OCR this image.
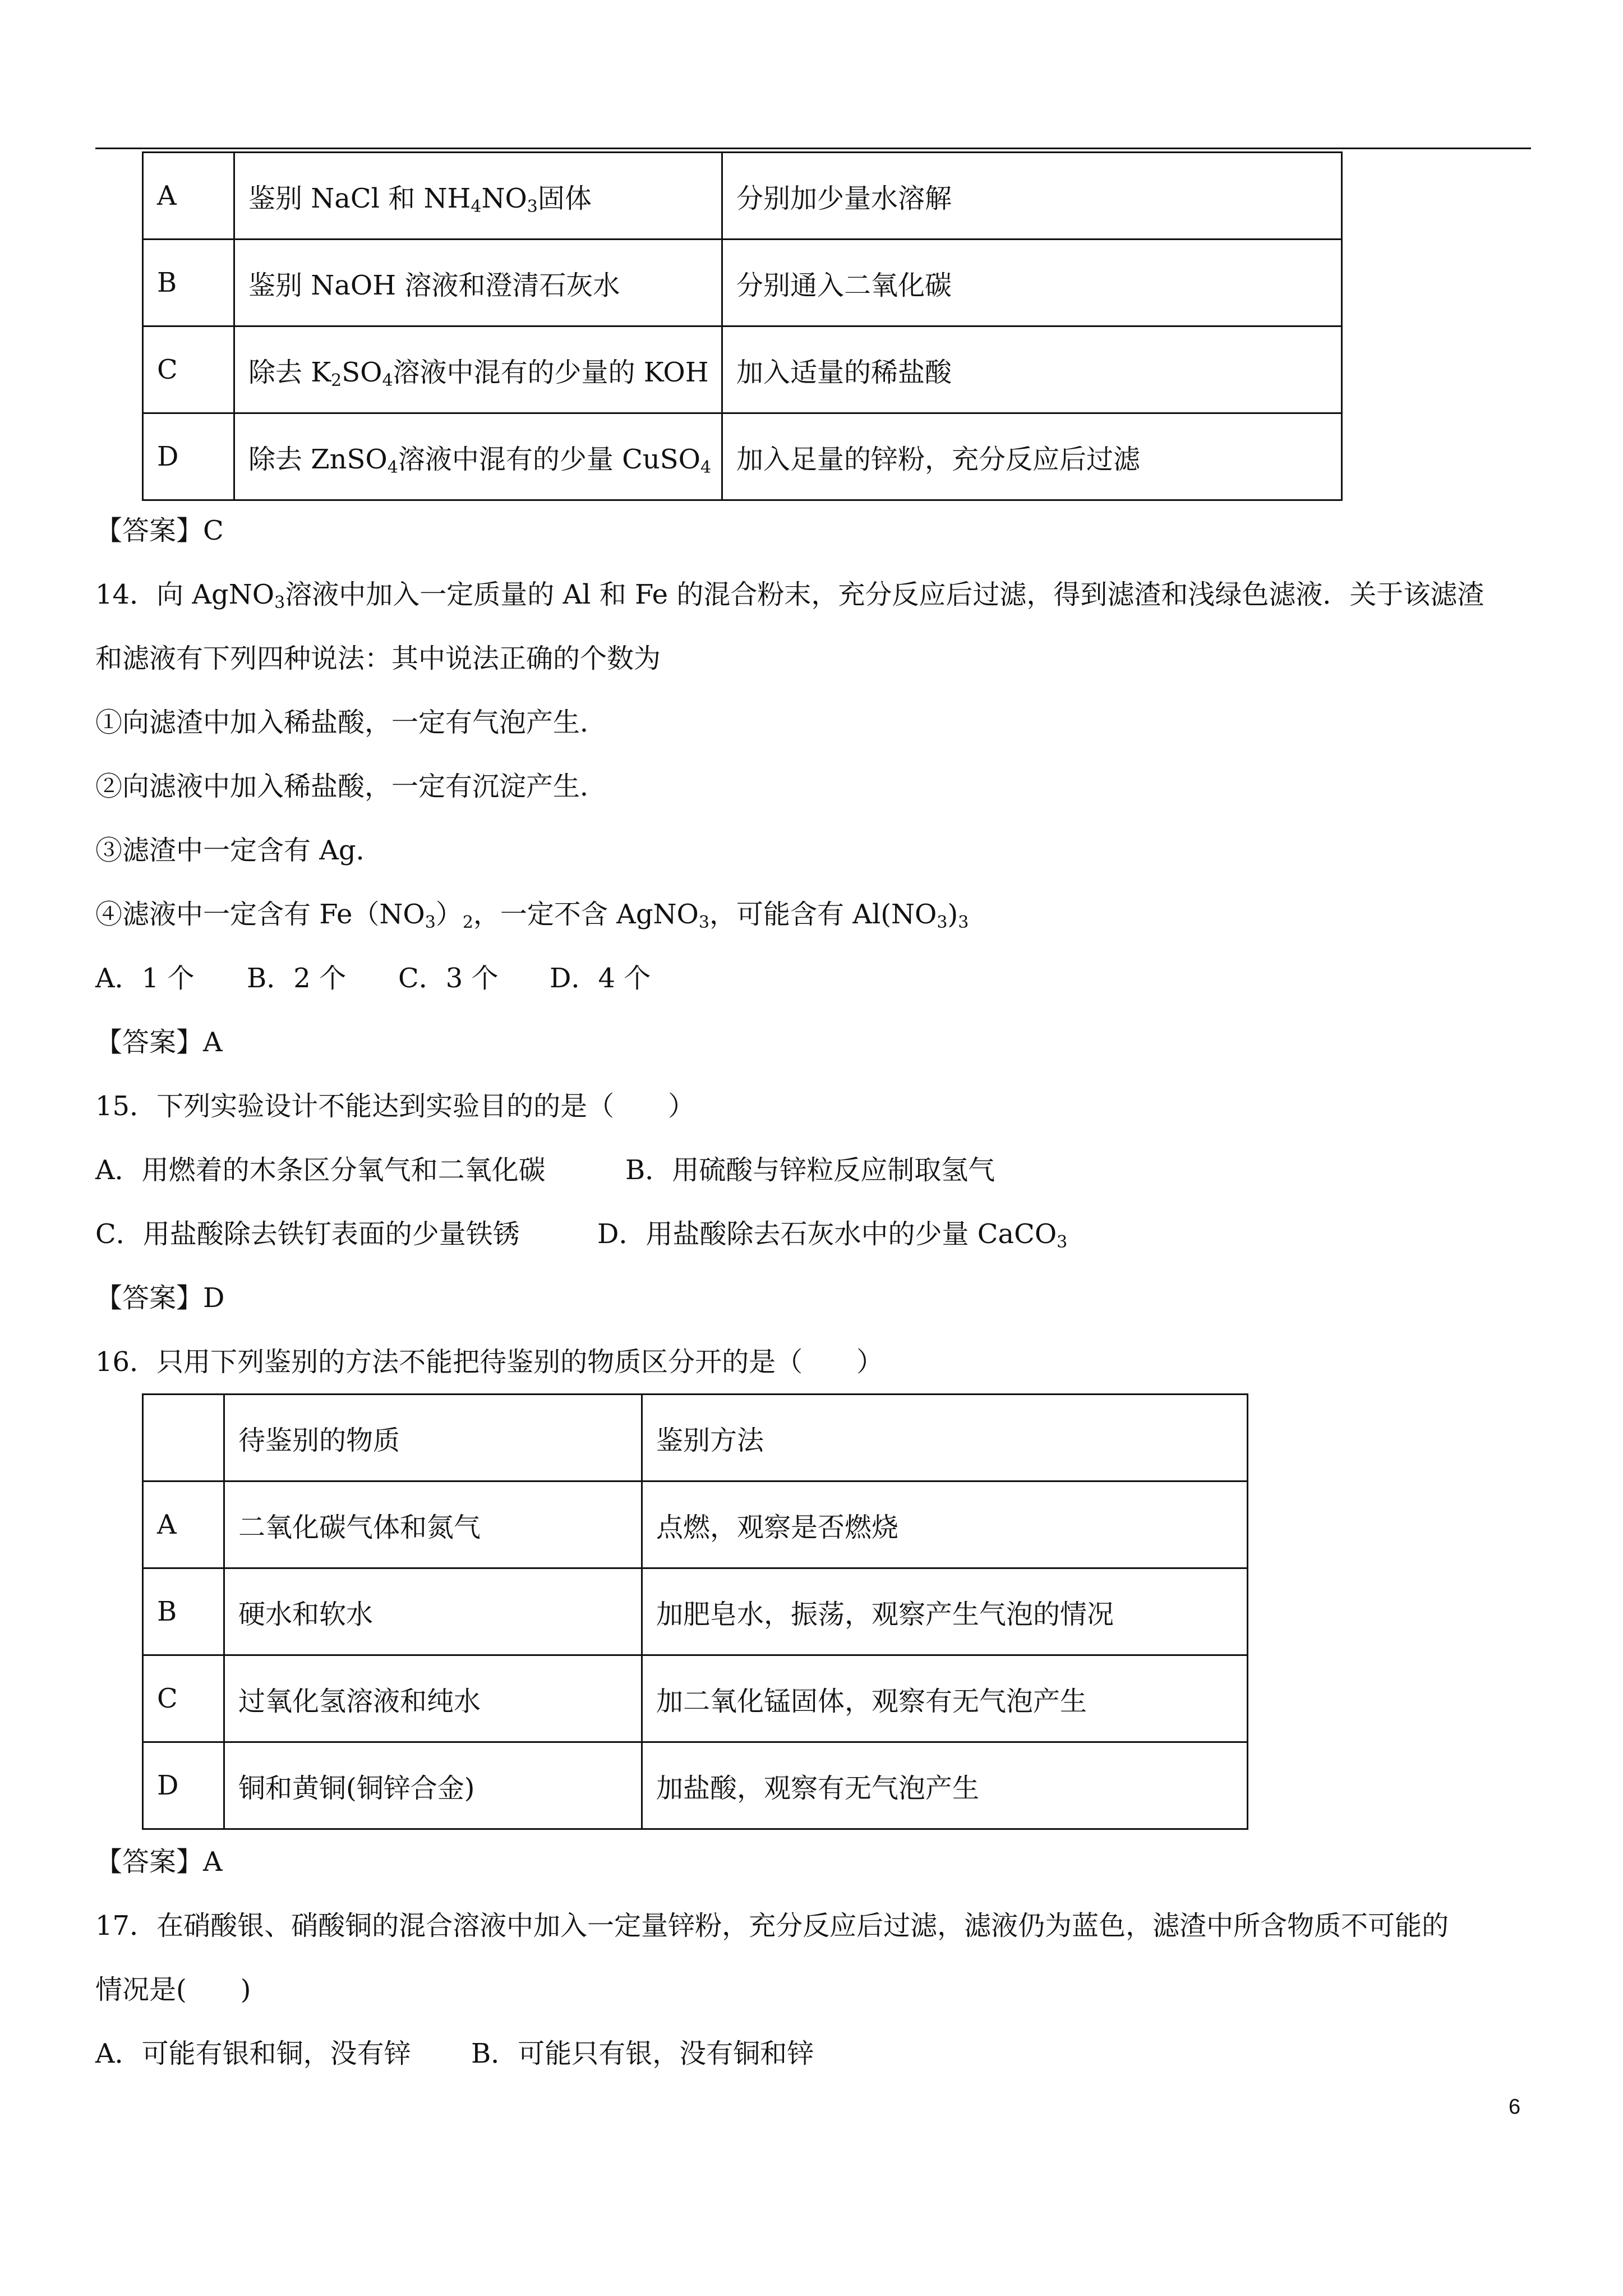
A	鉴别 NaCl 和 $NH_4NO_3$固体	分别加少量水溶解
B	鉴别 NaOH 溶液和澄清石灰水	分别通入二氧化碳
C	除去 $K_2SO_4$溶液中混有的少量的 KOH	加入适量的稀盐酸
D	除去 ZnSO$_4$溶液中混有的少量 CuSO$_4$	加入足量的锌粉，充分反应后过滤
【答案】C
14．向 AgNO$_3$溶液中加入一定质量的 Al 和 Fe 的混合粉末，充分反应后过滤，得到滤渣和浅绿色滤液．关于该滤渣
和滤液有下列四种说法：其中说法正确的个数为
①向滤渣中加入稀盐酸，一定有气泡产生．
②向滤液中加入稀盐酸，一定有沉淀产生．
③滤渣中一定含有 Ag．
④滤液中一定含有 $Fe(NO_3)_2$，一定不含 AgNO$_3$，可能含有 $Al(NO_3)_3$
A．1 个 B．2 个 C．3 个 D．4 个
【答案】A
15．下列实验设计不能达到实验目的的是（　　）
A．用燃着的木条区分氧气和二氧化碳	B．用硫酸与锌粒反应制取氢气
C．用盐酸除去铁钉表面的少量铁锈	D．用盐酸除去石灰水中的少量 CaCO$_3$
【答案】D
16．只用下列鉴别的方法不能把待鉴别的物质区分开的是（　　）
	待鉴别的物质	鉴别方法
A	二氧化碳气体和氮气	点燃，观察是否燃烧
B	硬水和软水	加肥皂水，振荡，观察产生气泡的情况
C	过氧化氢溶液和纯水	加二氧化锰固体，观察有无气泡产生
D	铜和黄铜(铜锌合金)	加盐酸，观察有无气泡产生
【答案】A
17．在硝酸银、硝酸铜的混合溶液中加入一定量锌粉，充分反应后过滤，滤液仍为蓝色，滤渣中所含物质不可能的
情况是(　　)
A．可能有银和铜，没有锌 B．可能只有银，没有铜和锌
6
